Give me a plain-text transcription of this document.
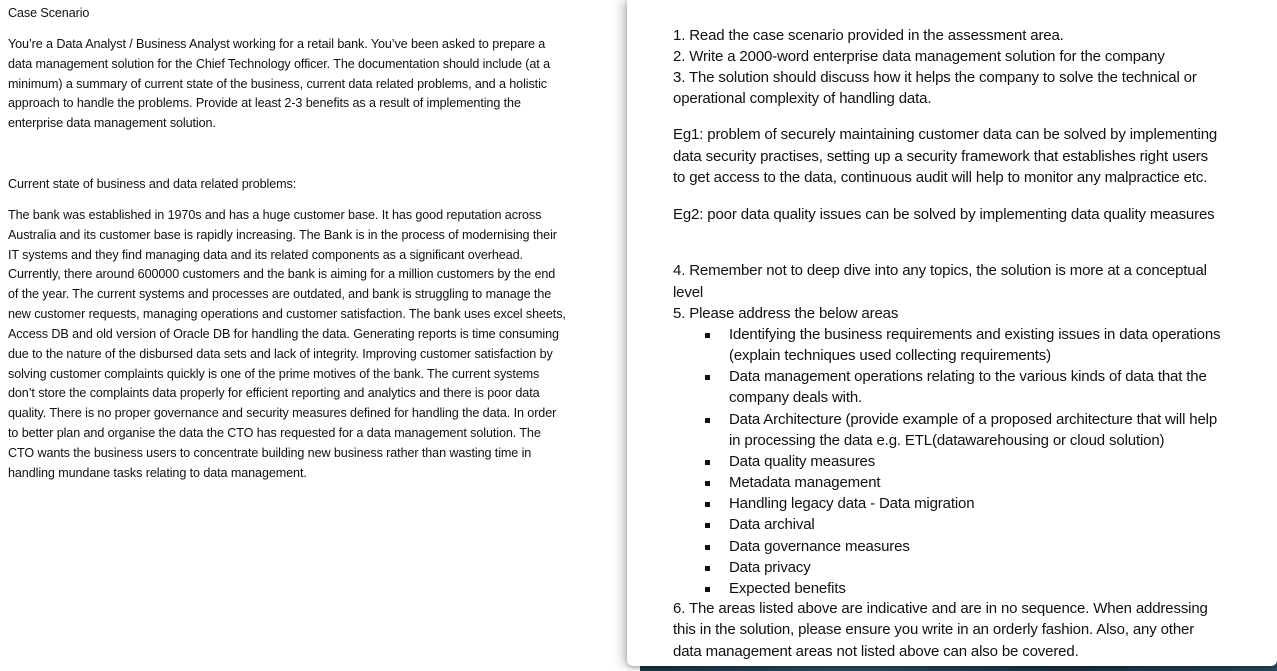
Case Scenario
You’re a Data Analyst / Business Analyst working for a retail bank. You’ve been asked to prepare a
data management solution for the Chief Technology officer. The documentation should include (at a
minimum) a summary of current state of the business, current data related problems, and a holistic
approach to handle the problems. Provide at least 2-3 benefits as a result of implementing the
enterprise data management solution.
Current state of business and data related problems:
The bank was established in 1970s and has a huge customer base. It has good reputation across
Australia and its customer base is rapidly increasing. The Bank is in the process of modernising their
IT systems and they find managing data and its related components as a significant overhead.
Currently, there around 600000 customers and the bank is aiming for a million customers by the end
of the year. The current systems and processes are outdated, and bank is struggling to manage the
new customer requests, managing operations and customer satisfaction. The bank uses excel sheets,
Access DB and old version of Oracle DB for handling the data. Generating reports is time consuming
due to the nature of the disbursed data sets and lack of integrity. Improving customer satisfaction by
solving customer complaints quickly is one of the prime motives of the bank. The current systems
don’t store the complaints data properly for efficient reporting and analytics and there is poor data
quality. There is no proper governance and security measures defined for handling the data. In order
to better plan and organise the data the CTO has requested for a data management solution. The
CTO wants the business users to concentrate building new business rather than wasting time in
handling mundane tasks relating to data management.
1. Read the case scenario provided in the assessment area.
2. Write a 2000-word enterprise data management solution for the company
3. The solution should discuss how it helps the company to solve the technical or
operational complexity of handling data.
Eg1: problem of securely maintaining customer data can be solved by implementing
data security practises, setting up a security framework that establishes right users
to get access to the data, continuous audit will help to monitor any malpractice etc.
Eg2: poor data quality issues can be solved by implementing data quality measures
4. Remember not to deep dive into any topics, the solution is more at a conceptual
level
5. Please address the below areas
Identifying the business requirements and existing issues in data operations
(explain techniques used collecting requirements)
Data management operations relating to the various kinds of data that the
company deals with.
Data Architecture (provide example of a proposed architecture that will help
in processing the data e.g. ETL(datawarehousing or cloud solution)
Data quality measures
Metadata management
Handling legacy data - Data migration
Data archival
Data governance measures
Data privacy
Expected benefits
6. The areas listed above are indicative and are in no sequence. When addressing
this in the solution, please ensure you write in an orderly fashion. Also, any other
data management areas not listed above can also be covered.
